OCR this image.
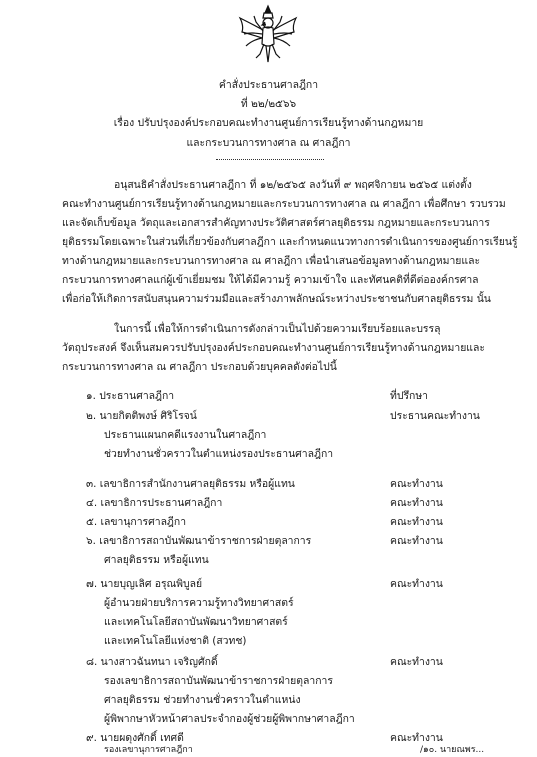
คำสั่งประธานศาลฎีกา
ที่ ๒๒/๒๕๖๖
เรื่อง ปรับปรุงองค์ประกอบคณะทำงานศูนย์การเรียนรู้ทางด้านกฎหมาย
และกระบวนการทางศาล ณ ศาลฎีกา
อนุสนธิคำสั่งประธานศาลฎีกา ที่ ๑๒/๒๕๖๕ ลงวันที่ ๙ พฤศจิกายน ๒๕๖๕ แต่งตั้ง
คณะทำงานศูนย์การเรียนรู้ทางด้านกฎหมายและกระบวนการทางศาล ณ ศาลฎีกา เพื่อศึกษา รวบรวม
และจัดเก็บข้อมูล วัตถุและเอกสารสำคัญทางประวัติศาสตร์ศาลยุติธรรม กฎหมายและกระบวนการ
ยุติธรรมโดยเฉพาะในส่วนที่เกี่ยวข้องกับศาลฎีกา และกำหนดแนวทางการดำเนินการของศูนย์การเรียนรู้
ทางด้านกฎหมายและกระบวนการทางศาล ณ ศาลฎีกา เพื่อนำเสนอข้อมูลทางด้านกฎหมายและ
กระบวนการทางศาลแก่ผู้เข้าเยี่ยมชม ให้ได้มีความรู้ ความเข้าใจ และทัศนคติที่ดีต่อองค์กรศาล
เพื่อก่อให้เกิดการสนับสนุนความร่วมมือและสร้างภาพลักษณ์ระหว่างประชาชนกับศาลยุติธรรม นั้น
ในการนี้ เพื่อให้การดำเนินการดังกล่าวเป็นไปด้วยความเรียบร้อยและบรรลุ
วัตถุประสงค์ จึงเห็นสมควรปรับปรุงองค์ประกอบคณะทำงานศูนย์การเรียนรู้ทางด้านกฎหมายและ
กระบวนการทางศาล ณ ศาลฎีกา ประกอบด้วยบุคคลดังต่อไปนี้
๑. ประธานศาลฎีกา	ที่ปรึกษา
๒. นายกิตติพงษ์ ศิริโรจน์	ประธานคณะทำงาน
ประธานแผนกคดีแรงงานในศาลฎีกา
ช่วยทำงานชั่วคราวในตำแหน่งรองประธานศาลฎีกา
๓. เลขาธิการสำนักงานศาลยุติธรรม หรือผู้แทน	คณะทำงาน
๔. เลขาธิการประธานศาลฎีกา	คณะทำงาน
๕. เลขานุการศาลฎีกา	คณะทำงาน
๖. เลขาธิการสถาบันพัฒนาข้าราชการฝ่ายตุลาการ	คณะทำงาน
ศาลยุติธรรม หรือผู้แทน
๗. นายบุญเลิศ อรุณพิบูลย์	คณะทำงาน
ผู้อำนวยฝ่ายบริการความรู้ทางวิทยาศาสตร์
และเทคโนโลยีสถาบันพัฒนาวิทยาศาสตร์
และเทคโนโลยีแห่งชาติ (สวทช)
๘. นางสาวฉันทนา เจริญศักดิ์	คณะทำงาน
รองเลขาธิการสถาบันพัฒนาข้าราชการฝ่ายตุลาการ
ศาลยุติธรรม ช่วยทำงานชั่วคราวในตำแหน่ง
ผู้พิพากษาหัวหน้าศาลประจำกองผู้ช่วยผู้พิพากษาศาลฎีกา
๙. นายผดุงศักดิ์ เทศดี	คณะทำงาน
รองเลขานุการศาลฎีกา	/๑๐. นายณพร...
